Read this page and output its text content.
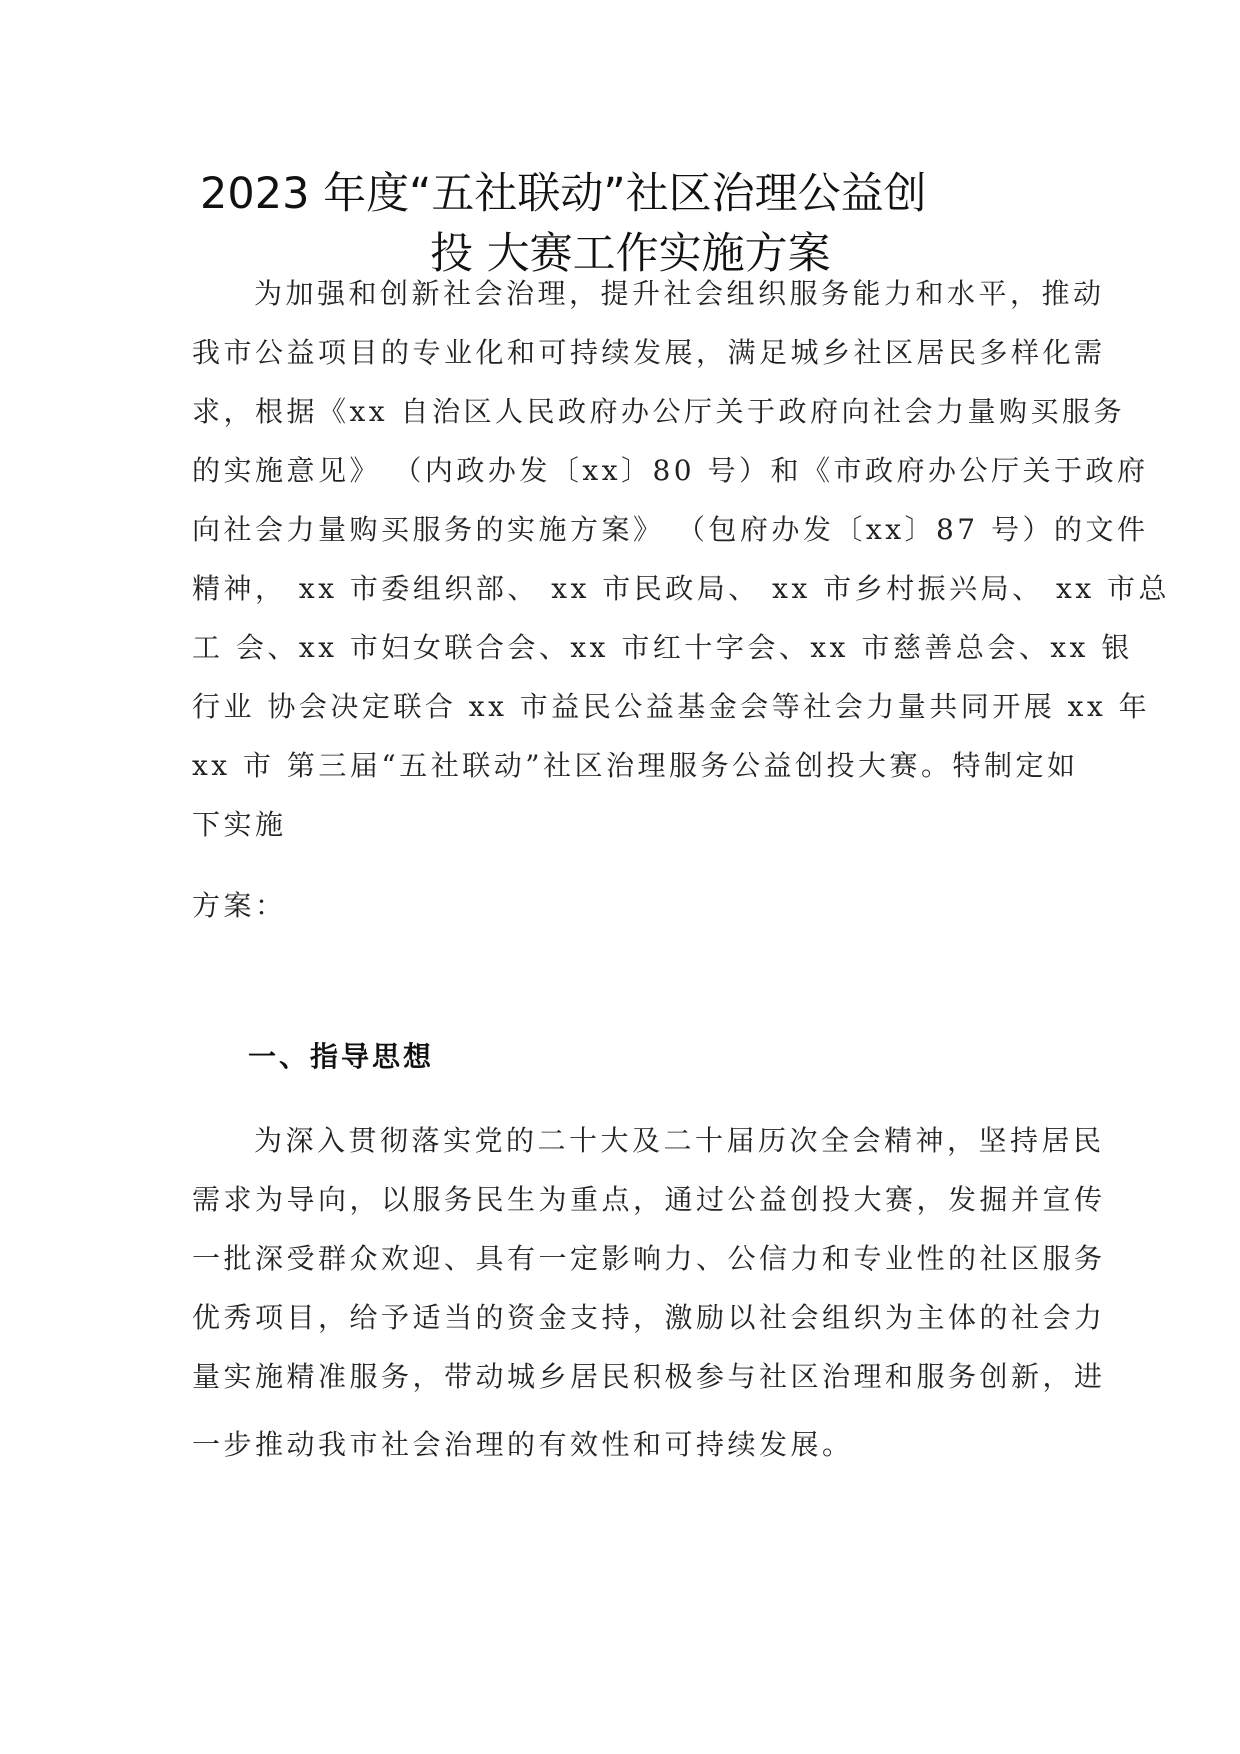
2023 年度“五社联动”社区治理公益创
投 大赛工作实施方案
为加强和创新社会治理，提升社会组织服务能力和水平，推动
我市公益项目的专业化和可持续发展，满足城乡社区居民多样化需
求，根据《xx 自治区人民政府办公厅关于政府向社会力量购买服务
的实施意见》 （内政办发〔xx〕80 号）和《市政府办公厅关于政府
向社会力量购买服务的实施方案》 （包府办发〔xx〕87 号）的文件
精神， xx 市委组织部、 xx 市民政局、 xx 市乡村振兴局、 xx 市总
工 会、xx 市妇女联合会、xx 市红十字会、xx 市慈善总会、xx 银
行业 协会决定联合 xx 市益民公益基金会等社会力量共同开展 xx 年
xx 市 第三届“五社联动”社区治理服务公益创投大赛。特制定如
下实施
方案：
一、指导思想
为深入贯彻落实党的二十大及二十届历次全会精神，坚持居民
需求为导向，以服务民生为重点，通过公益创投大赛，发掘并宣传
一批深受群众欢迎、具有一定影响力、公信力和专业性的社区服务
优秀项目，给予适当的资金支持，激励以社会组织为主体的社会力
量实施精准服务，带动城乡居民积极参与社区治理和服务创新，进
一步推动我市社会治理的有效性和可持续发展。
